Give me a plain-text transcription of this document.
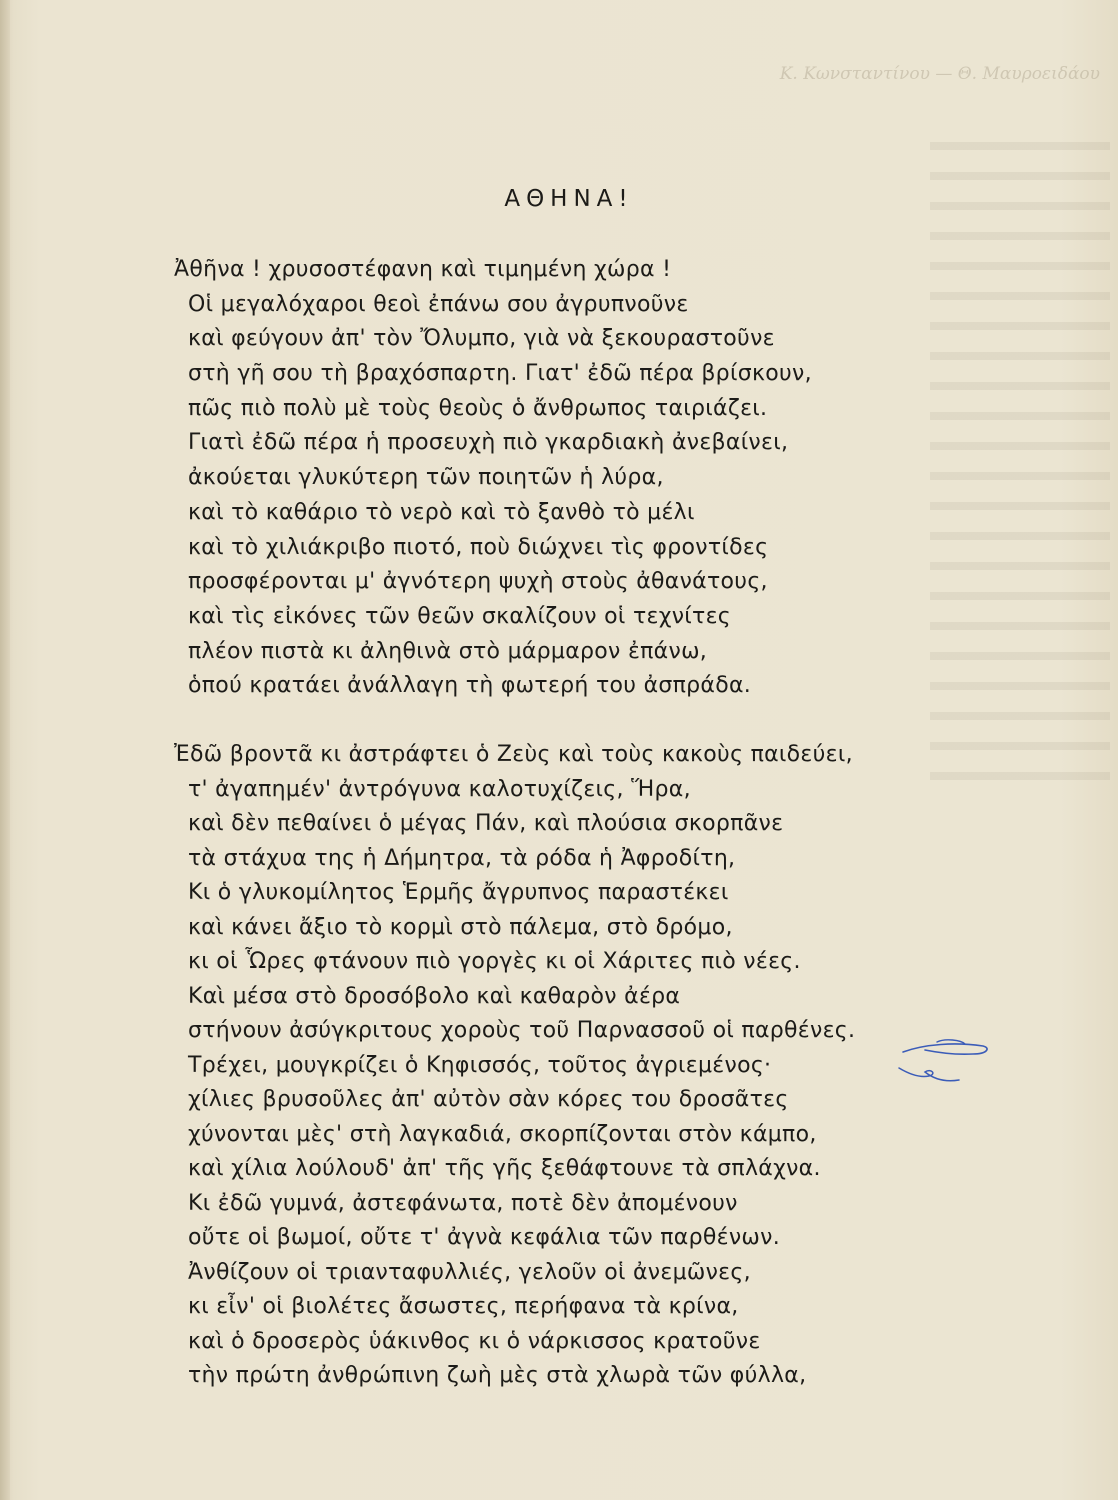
Κ. Κωνσταντίνου — Θ. Μαυροειδάου
ΑΘΗΝΑ!
Ἀθῆνα ! χρυσοστέφανη καὶ τιμημένη χώρα !
Οἱ μεγαλόχαροι θεοὶ ἐπάνω σου ἀγρυπνοῦνε
καὶ φεύγουν ἀπ' τὸν Ὄλυμπο, γιὰ νὰ ξεκουραστοῦνε
στὴ γῆ σου τὴ βραχόσπαρτη. Γιατ' ἐδῶ πέρα βρίσκουν,
πῶς πιὸ πολὺ μὲ τοὺς θεοὺς ὁ ἄνθρωπος ταιριάζει.
Γιατὶ ἐδῶ πέρα ἡ προσευχὴ πιὸ γκαρδιακὴ ἀνεβαίνει,
ἀκούεται γλυκύτερη τῶν ποιητῶν ἡ λύρα,
καὶ τὸ καθάριο τὸ νερὸ καὶ τὸ ξανθὸ τὸ μέλι
καὶ τὸ χιλιάκριβο πιοτό, ποὺ διώχνει τὶς φροντίδες
προσφέρονται μ' ἀγνότερη ψυχὴ στοὺς ἀθανάτους,
καὶ τὶς εἰκόνες τῶν θεῶν σκαλίζουν οἱ τεχνίτες
πλέον πιστὰ κι ἀληθινὰ στὸ μάρμαρον ἐπάνω,
ὁπού κρατάει ἀνάλλαγη τὴ φωτερή του ἀσπράδα.
Ἐδῶ βροντᾶ κι ἀστράφτει ὁ Ζεὺς καὶ τοὺς κακοὺς παιδεύει,
τ' ἀγαπημέν' ἀντρόγυνα καλοτυχίζεις, Ἥρα,
καὶ δὲν πεθαίνει ὁ μέγας Πάν, καὶ πλούσια σκορπᾶνε
τὰ στάχυα της ἡ Δήμητρα, τὰ ρόδα ἡ Ἀφροδίτη,
Κι ὁ γλυκομίλητος Ἑρμῆς ἄγρυπνος παραστέκει
καὶ κάνει ἄξιο τὸ κορμὶ στὸ πάλεμα, στὸ δρόμο,
κι οἱ Ὧρες φτάνουν πιὸ γοργὲς κι οἱ Χάριτες πιὸ νέες.
Καὶ μέσα στὸ δροσόβολο καὶ καθαρὸν ἀέρα
στήνουν ἀσύγκριτους χοροὺς τοῦ Παρνασσοῦ οἱ παρθένες.
Τρέχει, μουγκρίζει ὁ Κηφισσός, τοῦτος ἀγριεμένος·
χίλιες βρυσοῦλες ἀπ' αὐτὸν σὰν κόρες του δροσᾶτες
χύνονται μὲς' στὴ λαγκαδιά, σκορπίζονται στὸν κάμπο,
καὶ χίλια λούλουδ' ἀπ' τῆς γῆς ξεθάφτουνε τὰ σπλάχνα.
Κι ἐδῶ γυμνά, ἀστεφάνωτα, ποτὲ δὲν ἀπομένουν
οὔτε οἱ βωμοί, οὔτε τ' ἀγνὰ κεφάλια τῶν παρθένων.
Ἀνθίζουν οἱ τριανταφυλλιές, γελοῦν οἱ ἀνεμῶνες,
κι εἶν' οἱ βιολέτες ἄσωστες, περήφανα τὰ κρίνα,
καὶ ὁ δροσερὸς ὑάκινθος κι ὁ νάρκισσος κρατοῦνε
τὴν πρώτη ἀνθρώπινη ζωὴ μὲς στὰ χλωρὰ τῶν φύλλα,
